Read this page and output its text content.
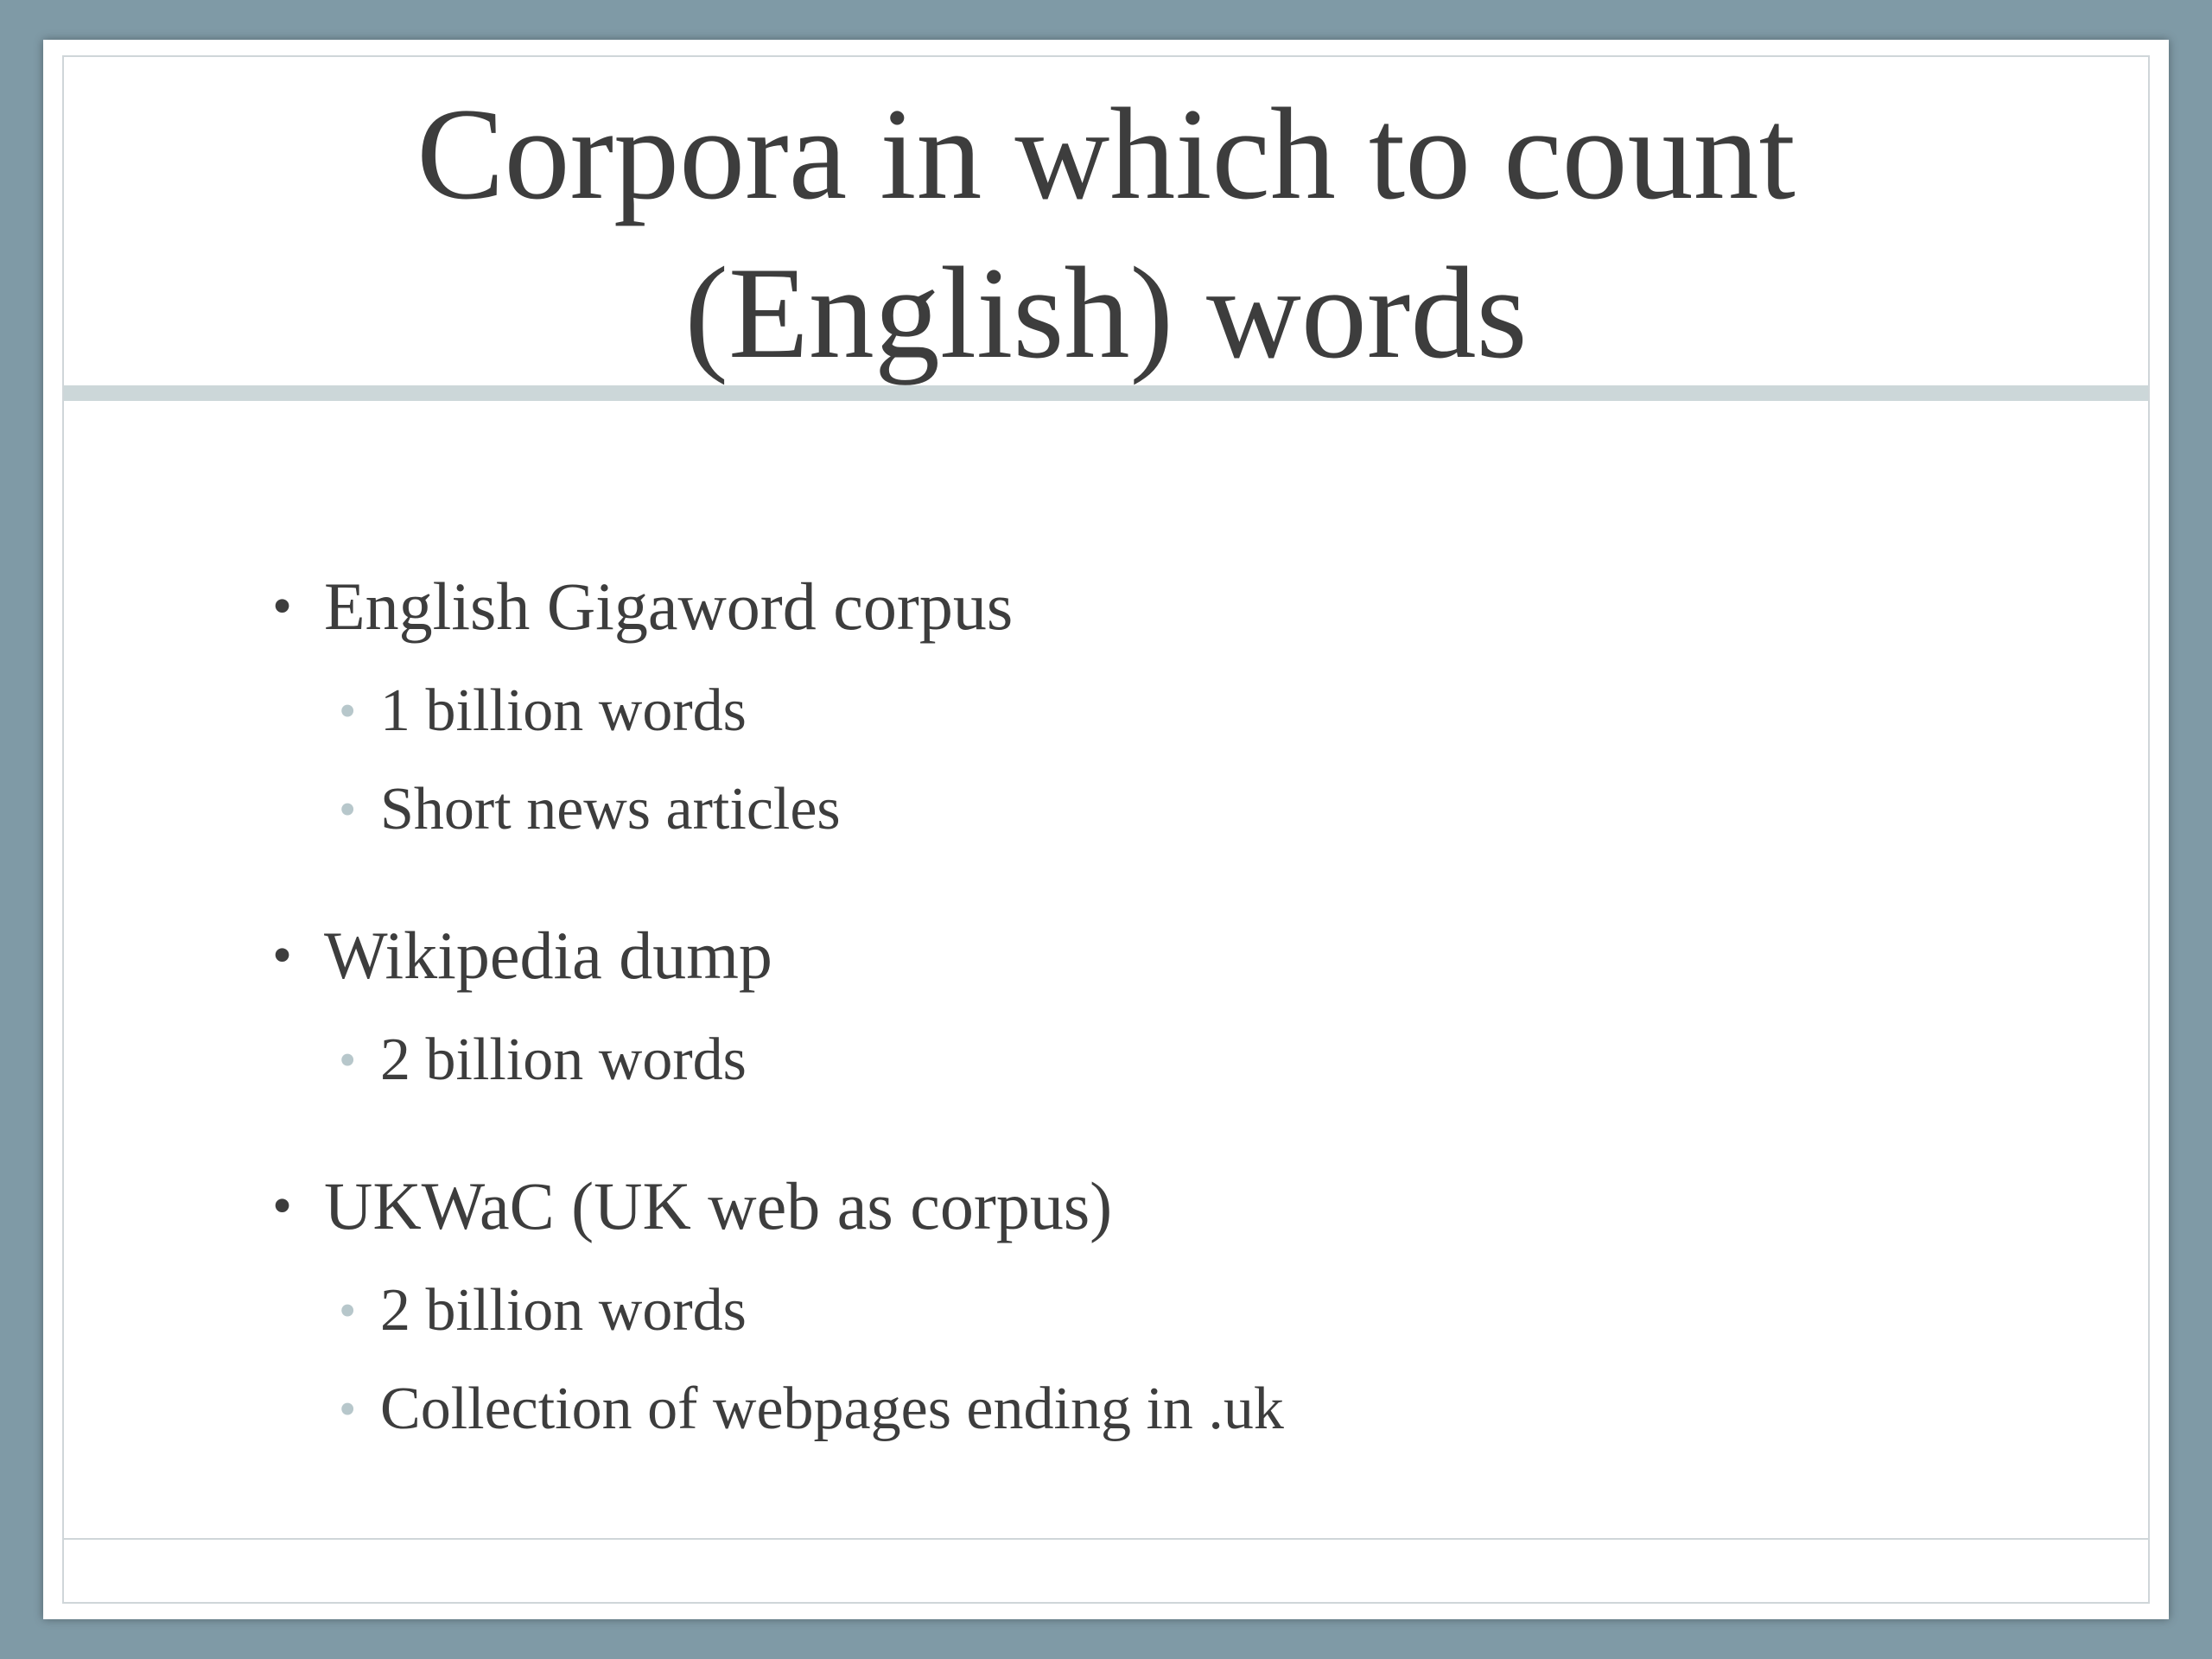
Corpora in which to count
(English) words
• English Gigaword corpus
• 1 billion words
• Short news articles
• Wikipedia dump
• 2 billion words
• UKWaC (UK web as corpus)
• 2 billion words
• Collection of webpages ending in .uk
